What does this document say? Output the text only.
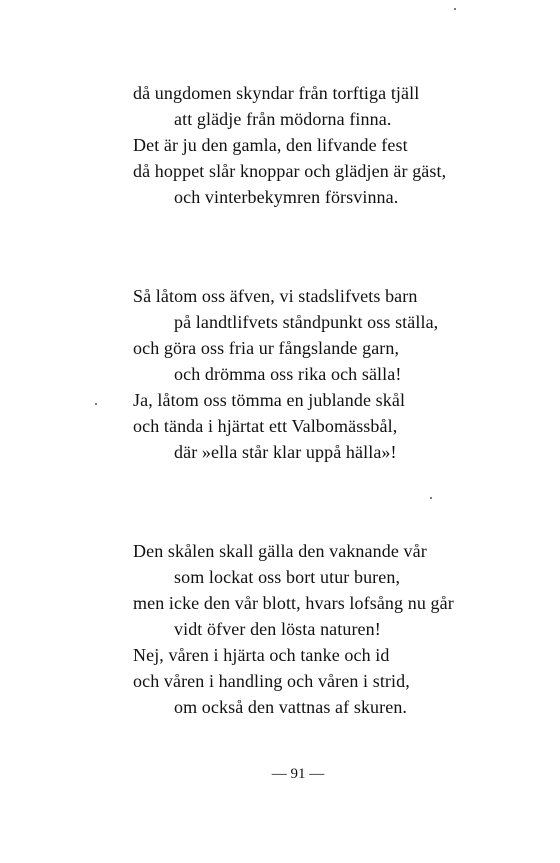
då ungdomen skyndar från torftiga tjäll
att glädje från mödorna finna.
Det är ju den gamla, den lifvande fest
då hoppet slår knoppar och glädjen är gäst,
och vinterbekymren försvinna.
Så låtom oss äfven, vi stadslifvets barn
på landtlifvets ståndpunkt oss ställa,
och göra oss fria ur fångslande garn,
och drömma oss rika och sälla!
Ja, låtom oss tömma en jublande skål
och tända i hjärtat ett Valbomässbål,
där »ella står klar uppå hälla»!
Den skålen skall gälla den vaknande vår
som lockat oss bort utur buren,
men icke den vår blott, hvars lofsång nu går
vidt öfver den lösta naturen!
Nej, våren i hjärta och tanke och id
och våren i handling och våren i strid,
om också den vattnas af skuren.
— 91 —
